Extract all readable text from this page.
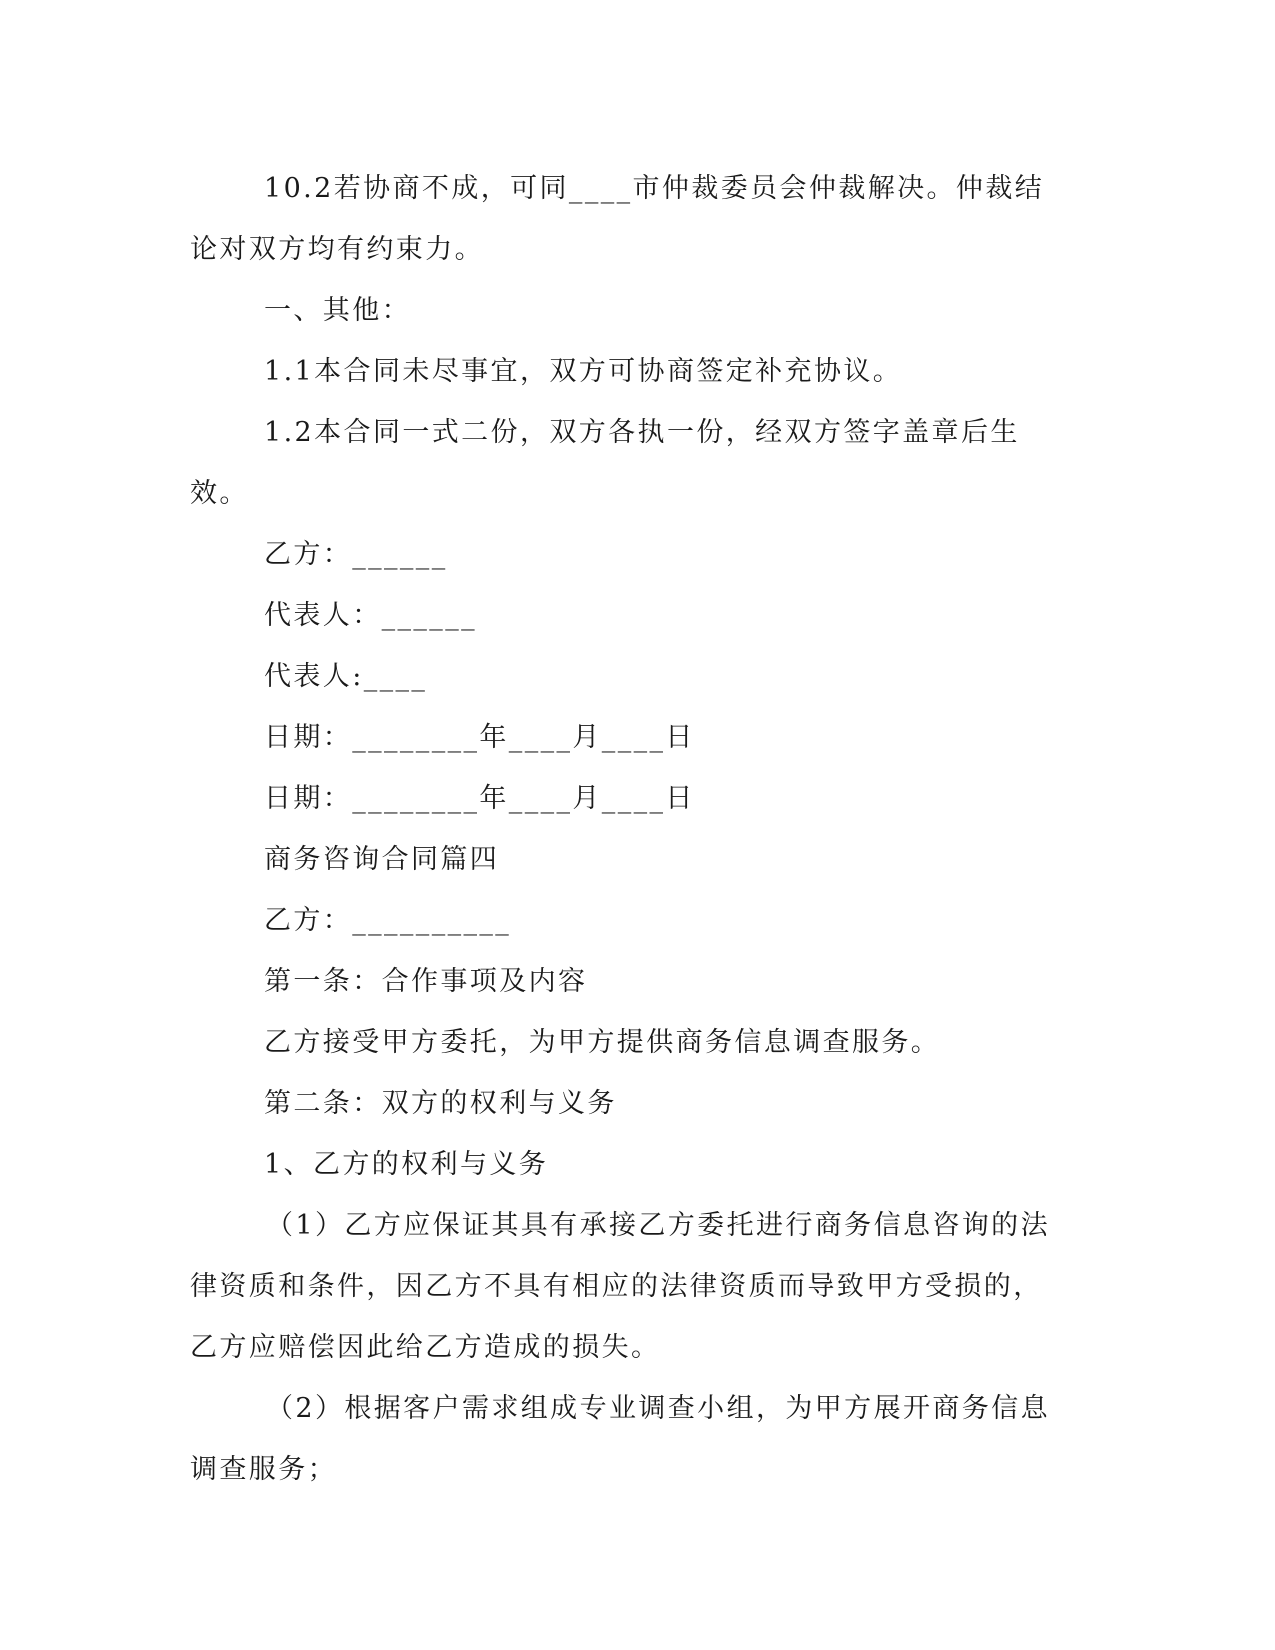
10.2若协商不成，可同____市仲裁委员会仲裁解决。仲裁结论对双方均有约束力。

一、其他：

1.1本合同未尽事宜，双方可协商签定补充协议。

1.2本合同一式二份，双方各执一份，经双方签字盖章后生效。

乙方：______

代表人：______

代表人:____

日期：________年____月____日

日期：________年____月____日

商务咨询合同篇四

乙方：__________

第一条：合作事项及内容

乙方接受甲方委托，为甲方提供商务信息调查服务。

第二条：双方的权利与义务

1、乙方的权利与义务

（1）乙方应保证其具有承接乙方委托进行商务信息咨询的法律资质和条件，因乙方不具有相应的法律资质而导致甲方受损的，乙方应赔偿因此给乙方造成的损失。

（2）根据客户需求组成专业调查小组，为甲方展开商务信息调查服务；
